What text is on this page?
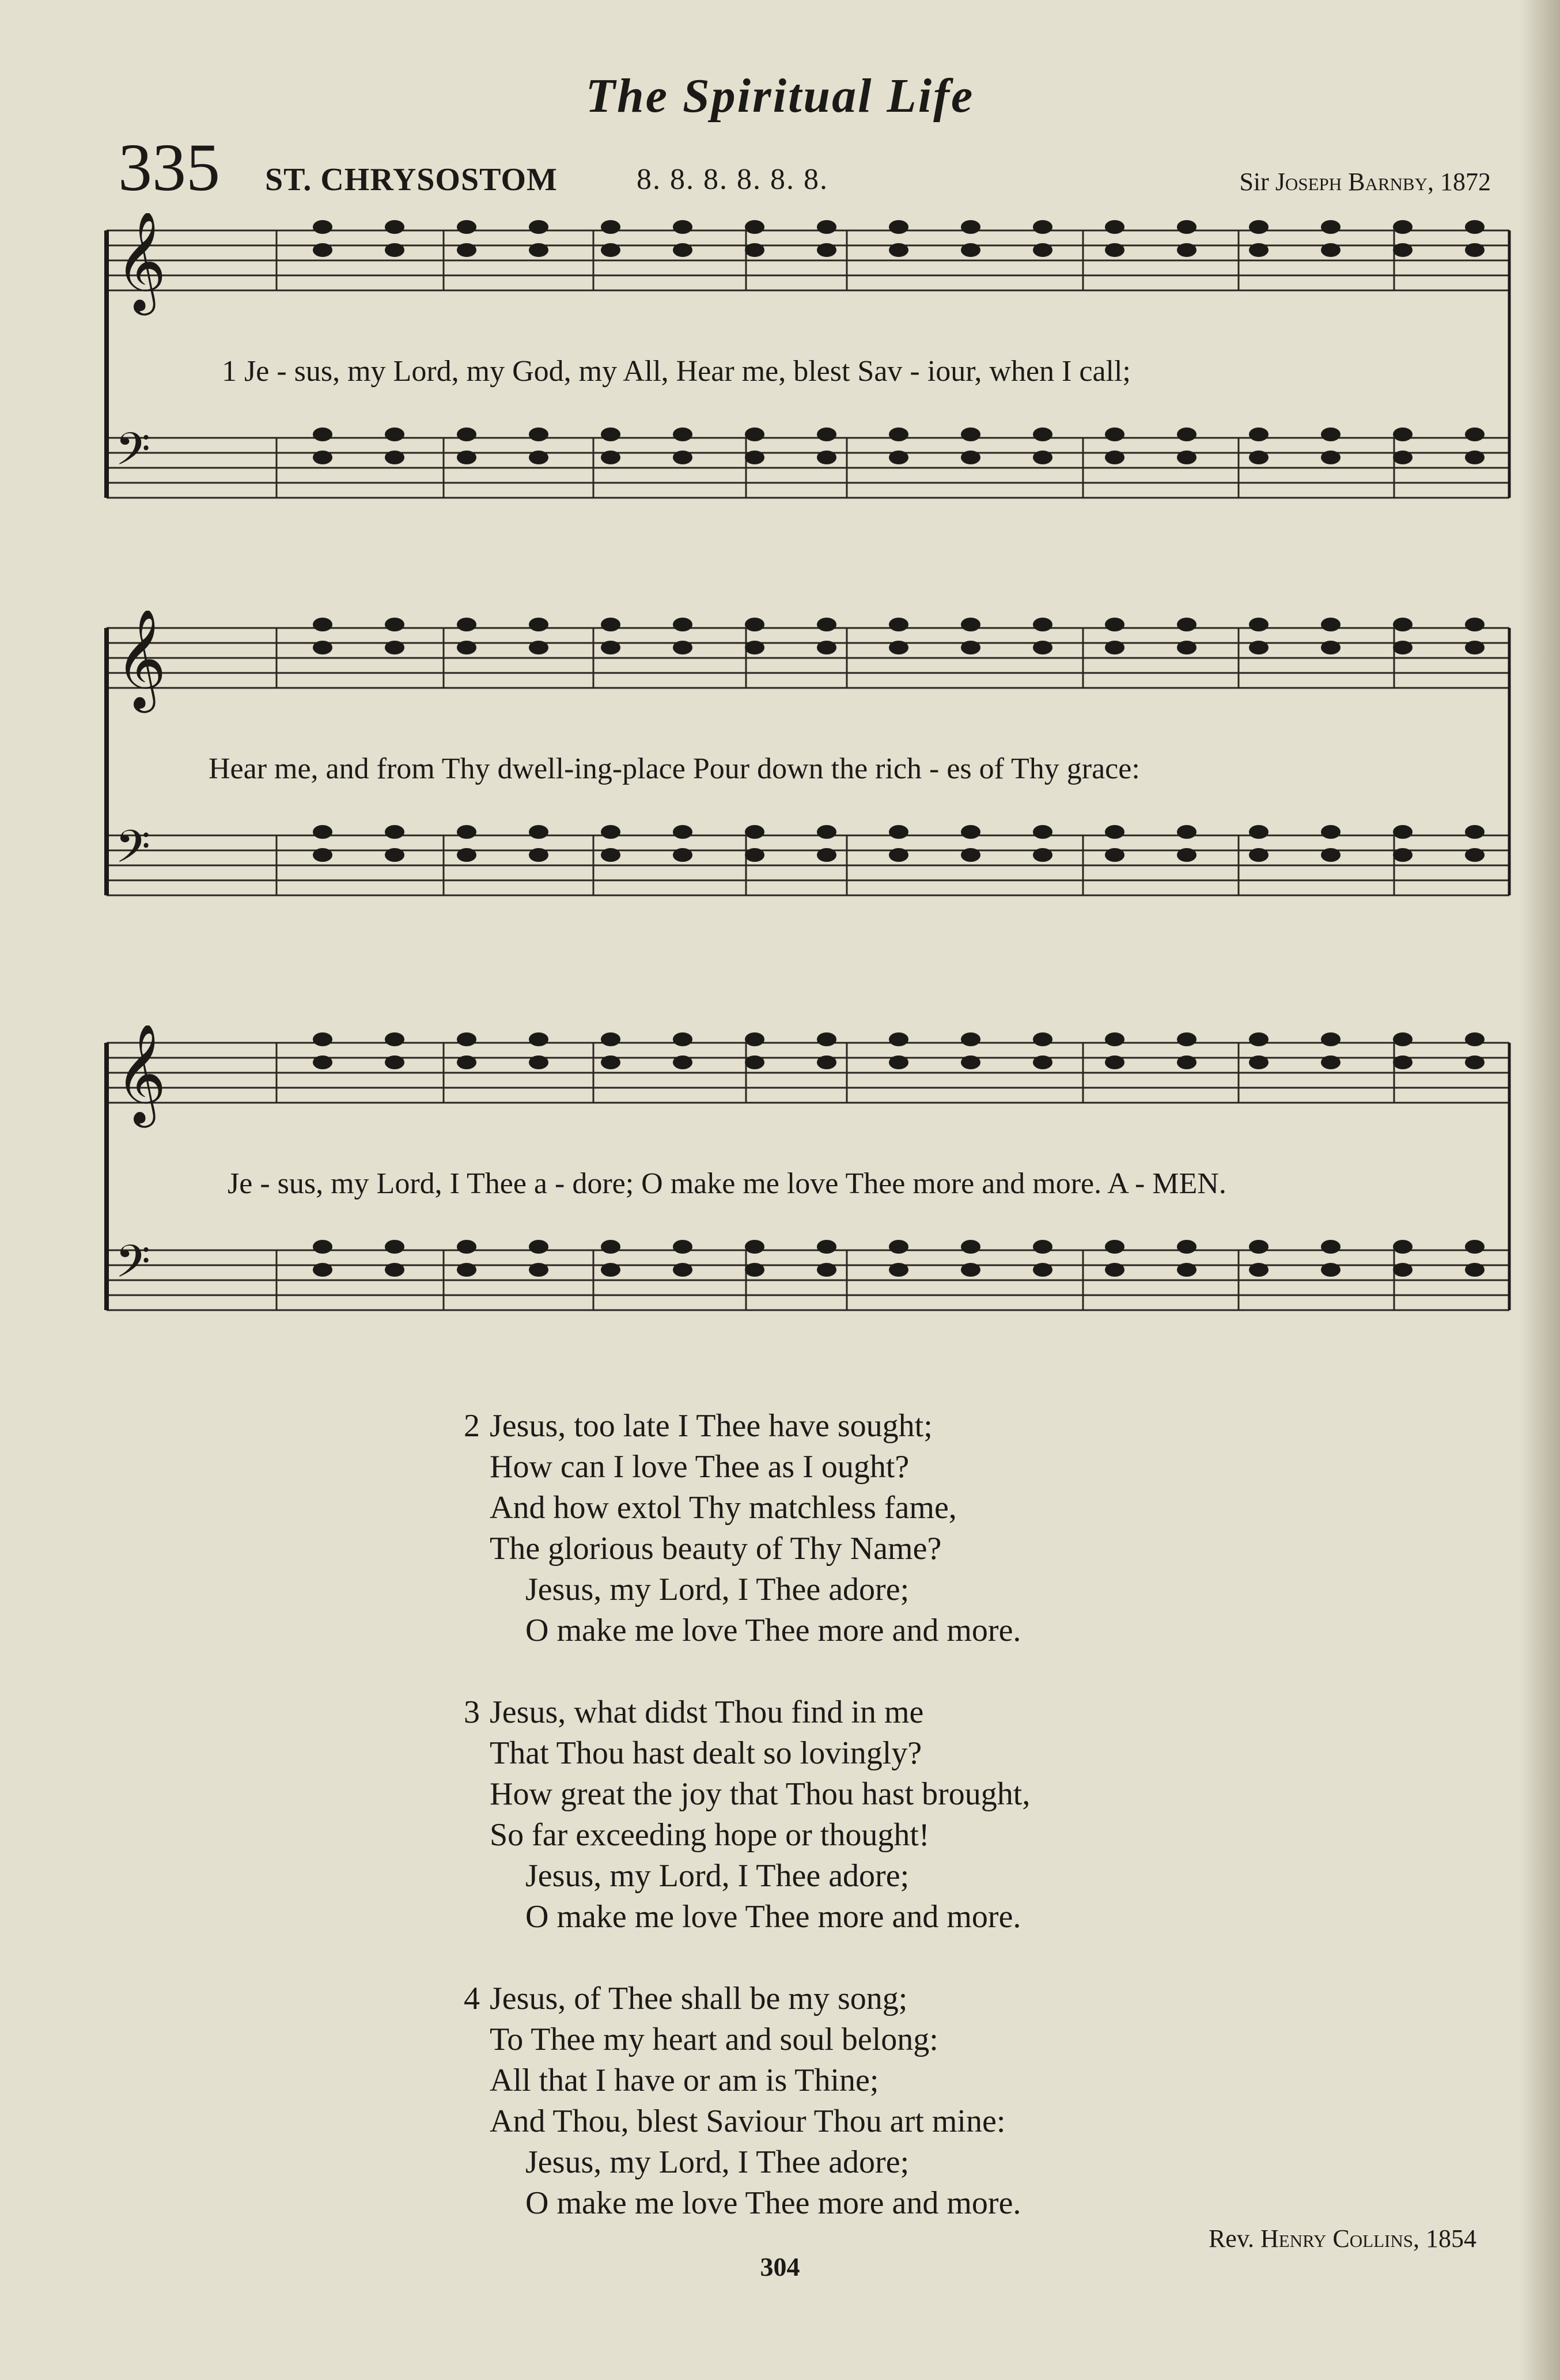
The Spiritual Life
335 ST. CHRYSOSTOM	8. 8. 8. 8. 8. 8.	Sir Joseph Barnby, 1872
𝄞
𝄢
1 Je - sus, my Lord, my God, my All, Hear me, blest Sav - iour, when I call;
𝄞
𝄢
Hear me, and from Thy dwell-ing-place Pour down the rich - es of Thy grace:
𝄞
𝄢
Je - sus, my Lord, I Thee a - dore; O make me love Thee more and more. A - MEN.
2 Jesus, too late I Thee have sought;
How can I love Thee as I ought?
And how extol Thy matchless fame,
The glorious beauty of Thy Name?
Jesus, my Lord, I Thee adore;
O make me love Thee more and more.
3 Jesus, what didst Thou find in me
That Thou hast dealt so lovingly?
How great the joy that Thou hast brought,
So far exceeding hope or thought!
Jesus, my Lord, I Thee adore;
O make me love Thee more and more.
4 Jesus, of Thee shall be my song;
To Thee my heart and soul belong:
All that I have or am is Thine;
And Thou, blest Saviour Thou art mine:
Jesus, my Lord, I Thee adore;
O make me love Thee more and more.
Rev. Henry Collins, 1854
304
